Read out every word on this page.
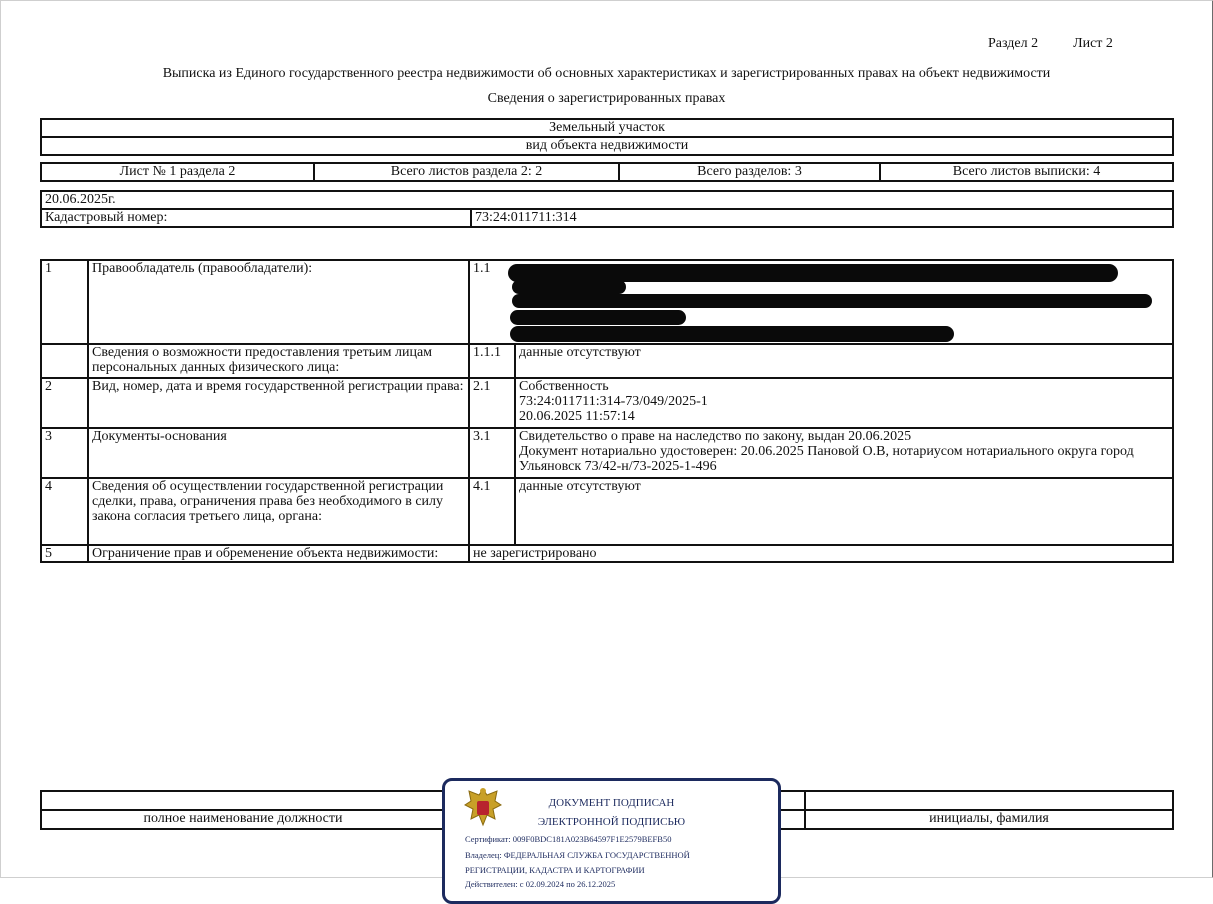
Раздел 2	Лист 2
Выписка из Единого государственного реестра недвижимости об основных характеристиках и зарегистрированных правах на объект недвижимости
Сведения о зарегистрированных правах
Земельный участок
вид объекта недвижимости
Лист № 1 раздела 2	Всего листов раздела 2: 2	Всего разделов: 3	Всего листов выписки: 4
20.06.2025г.
Кадастровый номер:	73:24:011711:314
1	Правообладатель (правообладатели):	1.1	
	Сведения о возможности предоставления третьим лицам персональных данных физического лица:	1.1.1	данные отсутствуют
2	Вид, номер, дата и время государственной регистрации права:	2.1	Собственность
73:24:011711:314-73/049/2025-1
20.06.2025 11:57:14

3	Документы-основания	3.1	Свидетельство о праве на наследство по закону, выдан 20.06.2025
Документ нотариально удостоверен: 20.06.2025 Пановой О.В, нотариусом нотариального округа город Ульяновск 73/42-н/73-2025-1-496

4	Сведения об осуществлении государственной регистрации сделки, права, ограничения права без необходимого в силу закона согласия третьего лица, органа:	4.1	данные отсутствуют
5	Ограничение прав и обременение объекта недвижимости:	не зарегистрировано	

полное наименование должности		инициалы, фамилия
ДОКУМЕНТ ПОДПИСАН
ЭЛЕКТРОННОЙ ПОДПИСЬЮ
Сертификат: 009F0BDC181A023B64597F1E2579BEFB50
Владелец: ФЕДЕРАЛЬНАЯ СЛУЖБА ГОСУДАРСТВЕННОЙ
РЕГИСТРАЦИИ, КАДАСТРА И КАРТОГРАФИИ
Действителен: с 02.09.2024 по 26.12.2025
